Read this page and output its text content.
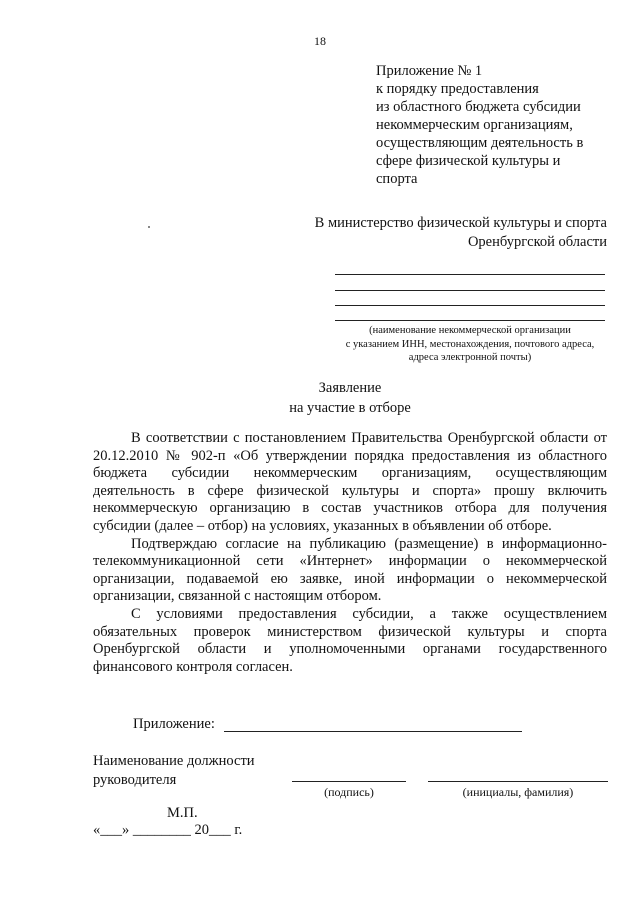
18
Приложение № 1
к порядку предоставления
из областного бюджета субсидии
некоммерческим организациям,
осуществляющим деятельность в
сфере физической культуры и
спорта
В министерство физической культуры и спорта
Оренбургской области
(наименование некоммерческой организации
с указанием ИНН, местонахождения, почтового адреса,
адреса электронной почты)
Заявление
на участие в отборе

В соответствии с постановлением Правительства Оренбургской области от 20.12.2010 № 902-п «Об утверждении порядка предоставления из областного бюджета субсидии некоммерческим организациям, осуществляющим деятельность в сфере физической культуры и спорта» прошу включить некоммерческую организацию в состав участников отбора для получения субсидии (далее – отбор) на условиях, указанных в объявлении об отборе.

Подтверждаю согласие на публикацию (размещение) в информационно-телекоммуникационной сети «Интернет» информации о некоммерческой организации, подаваемой ею заявке, иной информации о некоммерческой организации, связанной с настоящим отбором.

С условиями предоставления субсидии, а также осуществлением обязательных проверок министерством физической культуры и спорта Оренбургской области и уполномоченными органами государственного финансового контроля согласен.

Приложение:
Наименование должности
руководителя
(подпись)	(инициалы, фамилия)
М.П.
«___» ________ 20___ г.
